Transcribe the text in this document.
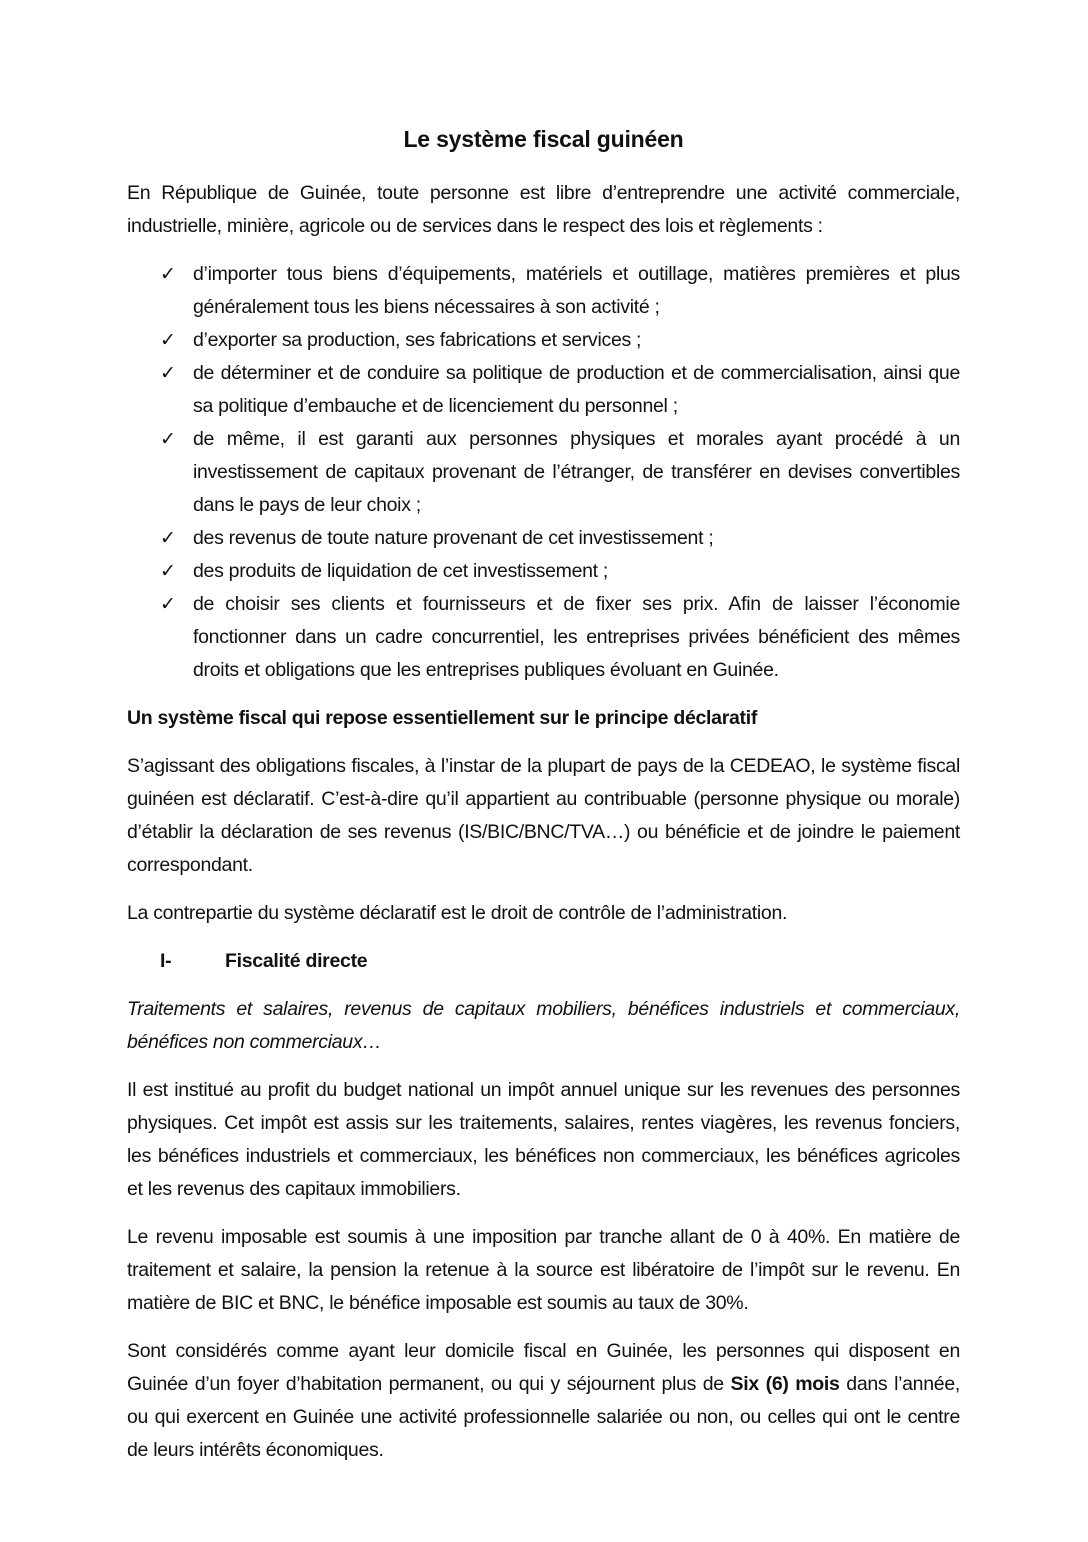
Le système fiscal guinéen

En République de Guinée, toute personne est libre d’entreprendre une activité commerciale, industrielle, minière, agricole ou de services dans le respect des lois et règlements :

✓ d’importer tous biens d’équipements, matériels et outillage, matières premières et plus généralement tous les biens nécessaires à son activité ;
✓ d’exporter sa production, ses fabrications et services ;
✓ de déterminer et de conduire sa politique de production et de commercialisation, ainsi que sa politique d’embauche et de licenciement du personnel ;
✓ de même, il est garanti aux personnes physiques et morales ayant procédé à un investissement de capitaux provenant de l’étranger, de transférer en devises convertibles dans le pays de leur choix ;
✓ des revenus de toute nature provenant de cet investissement ;
✓ des produits de liquidation de cet investissement ;
✓ de choisir ses clients et fournisseurs et de fixer ses prix. Afin de laisser l’économie fonctionner dans un cadre concurrentiel, les entreprises privées bénéficient des mêmes droits et obligations que les entreprises publiques évoluant en Guinée.
Un système fiscal qui repose essentiellement sur le principe déclaratif

S’agissant des obligations fiscales, à l’instar de la plupart de pays de la CEDEAO, le système fiscal guinéen est déclaratif. C’est-à-dire qu’il appartient au contribuable (personne physique ou morale) d’établir la déclaration de ses revenus (IS/BIC/BNC/TVA…) ou bénéficie et de joindre le paiement correspondant.

La contrepartie du système déclaratif est le droit de contrôle de l’administration.

I-	Fiscalité directe

Traitements et salaires, revenus de capitaux mobiliers, bénéfices industriels et commerciaux, bénéfices non commerciaux…

Il est institué au profit du budget national un impôt annuel unique sur les revenues des personnes physiques. Cet impôt est assis sur les traitements, salaires, rentes viagères, les revenus fonciers, les bénéfices industriels et commerciaux, les bénéfices non commerciaux, les bénéfices agricoles et les revenus des capitaux immobiliers.

Le revenu imposable est soumis à une imposition par tranche allant de 0 à 40%. En matière de traitement et salaire, la pension la retenue à la source est libératoire de l’impôt sur le revenu. En matière de BIC et BNC, le bénéfice imposable est soumis au taux de 30%.

Sont considérés comme ayant leur domicile fiscal en Guinée, les personnes qui disposent en Guinée d’un foyer d’habitation permanent, ou qui y séjournent plus de Six (6) mois dans l’année, ou qui exercent en Guinée une activité professionnelle salariée ou non, ou celles qui ont le centre de leurs intérêts économiques.
